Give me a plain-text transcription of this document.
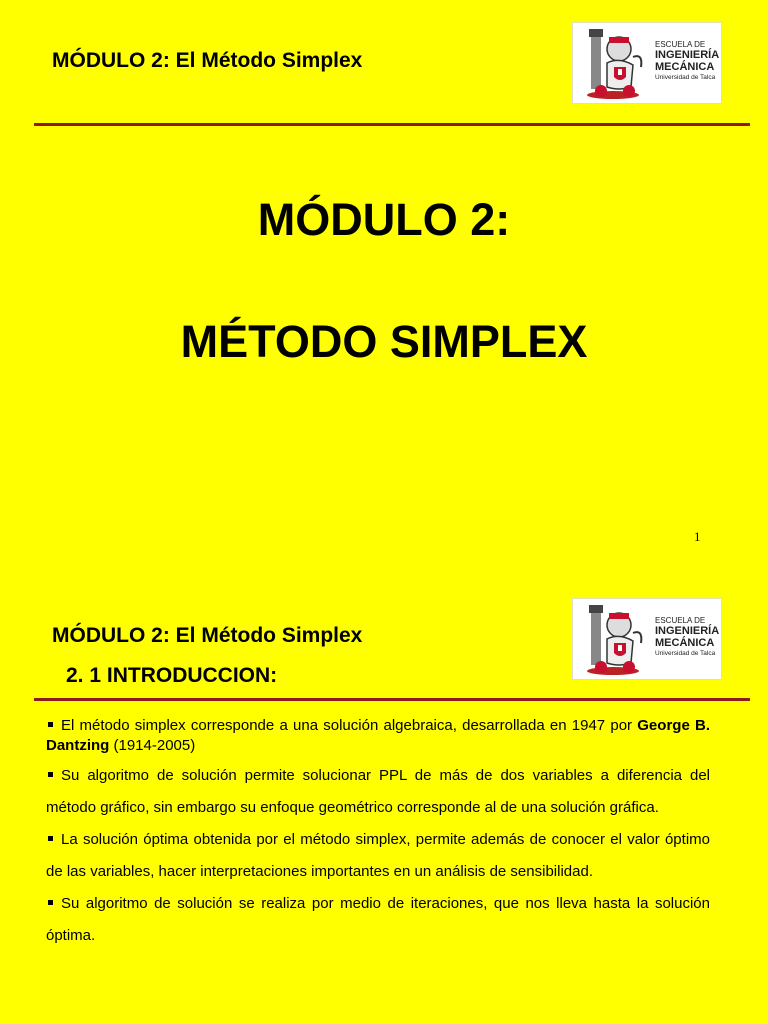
MÓDULO 2: El Método Simplex
ESCUELA DE
INGENIERÍA
MECÁNICA
Universidad de Talca
MÓDULO 2:
MÉTODO SIMPLEX
1
MÓDULO 2: El Método Simplex
2. 1 INTRODUCCION:
ESCUELA DE
INGENIERÍA
MECÁNICA
Universidad de Talca

El método simplex corresponde a una solución algebraica, desarrollada en 1947 por George B. Dantzing (1914-2005)

Su algoritmo de solución permite solucionar PPL de más de dos variables a diferencia del método gráfico, sin embargo su enfoque geométrico corresponde al de una solución gráfica.

La solución óptima obtenida por el método simplex, permite además de conocer el valor óptimo de las variables, hacer interpretaciones importantes en un análisis de sensibilidad.

Su algoritmo de solución se realiza por medio de iteraciones, que nos lleva hasta la solución óptima.
